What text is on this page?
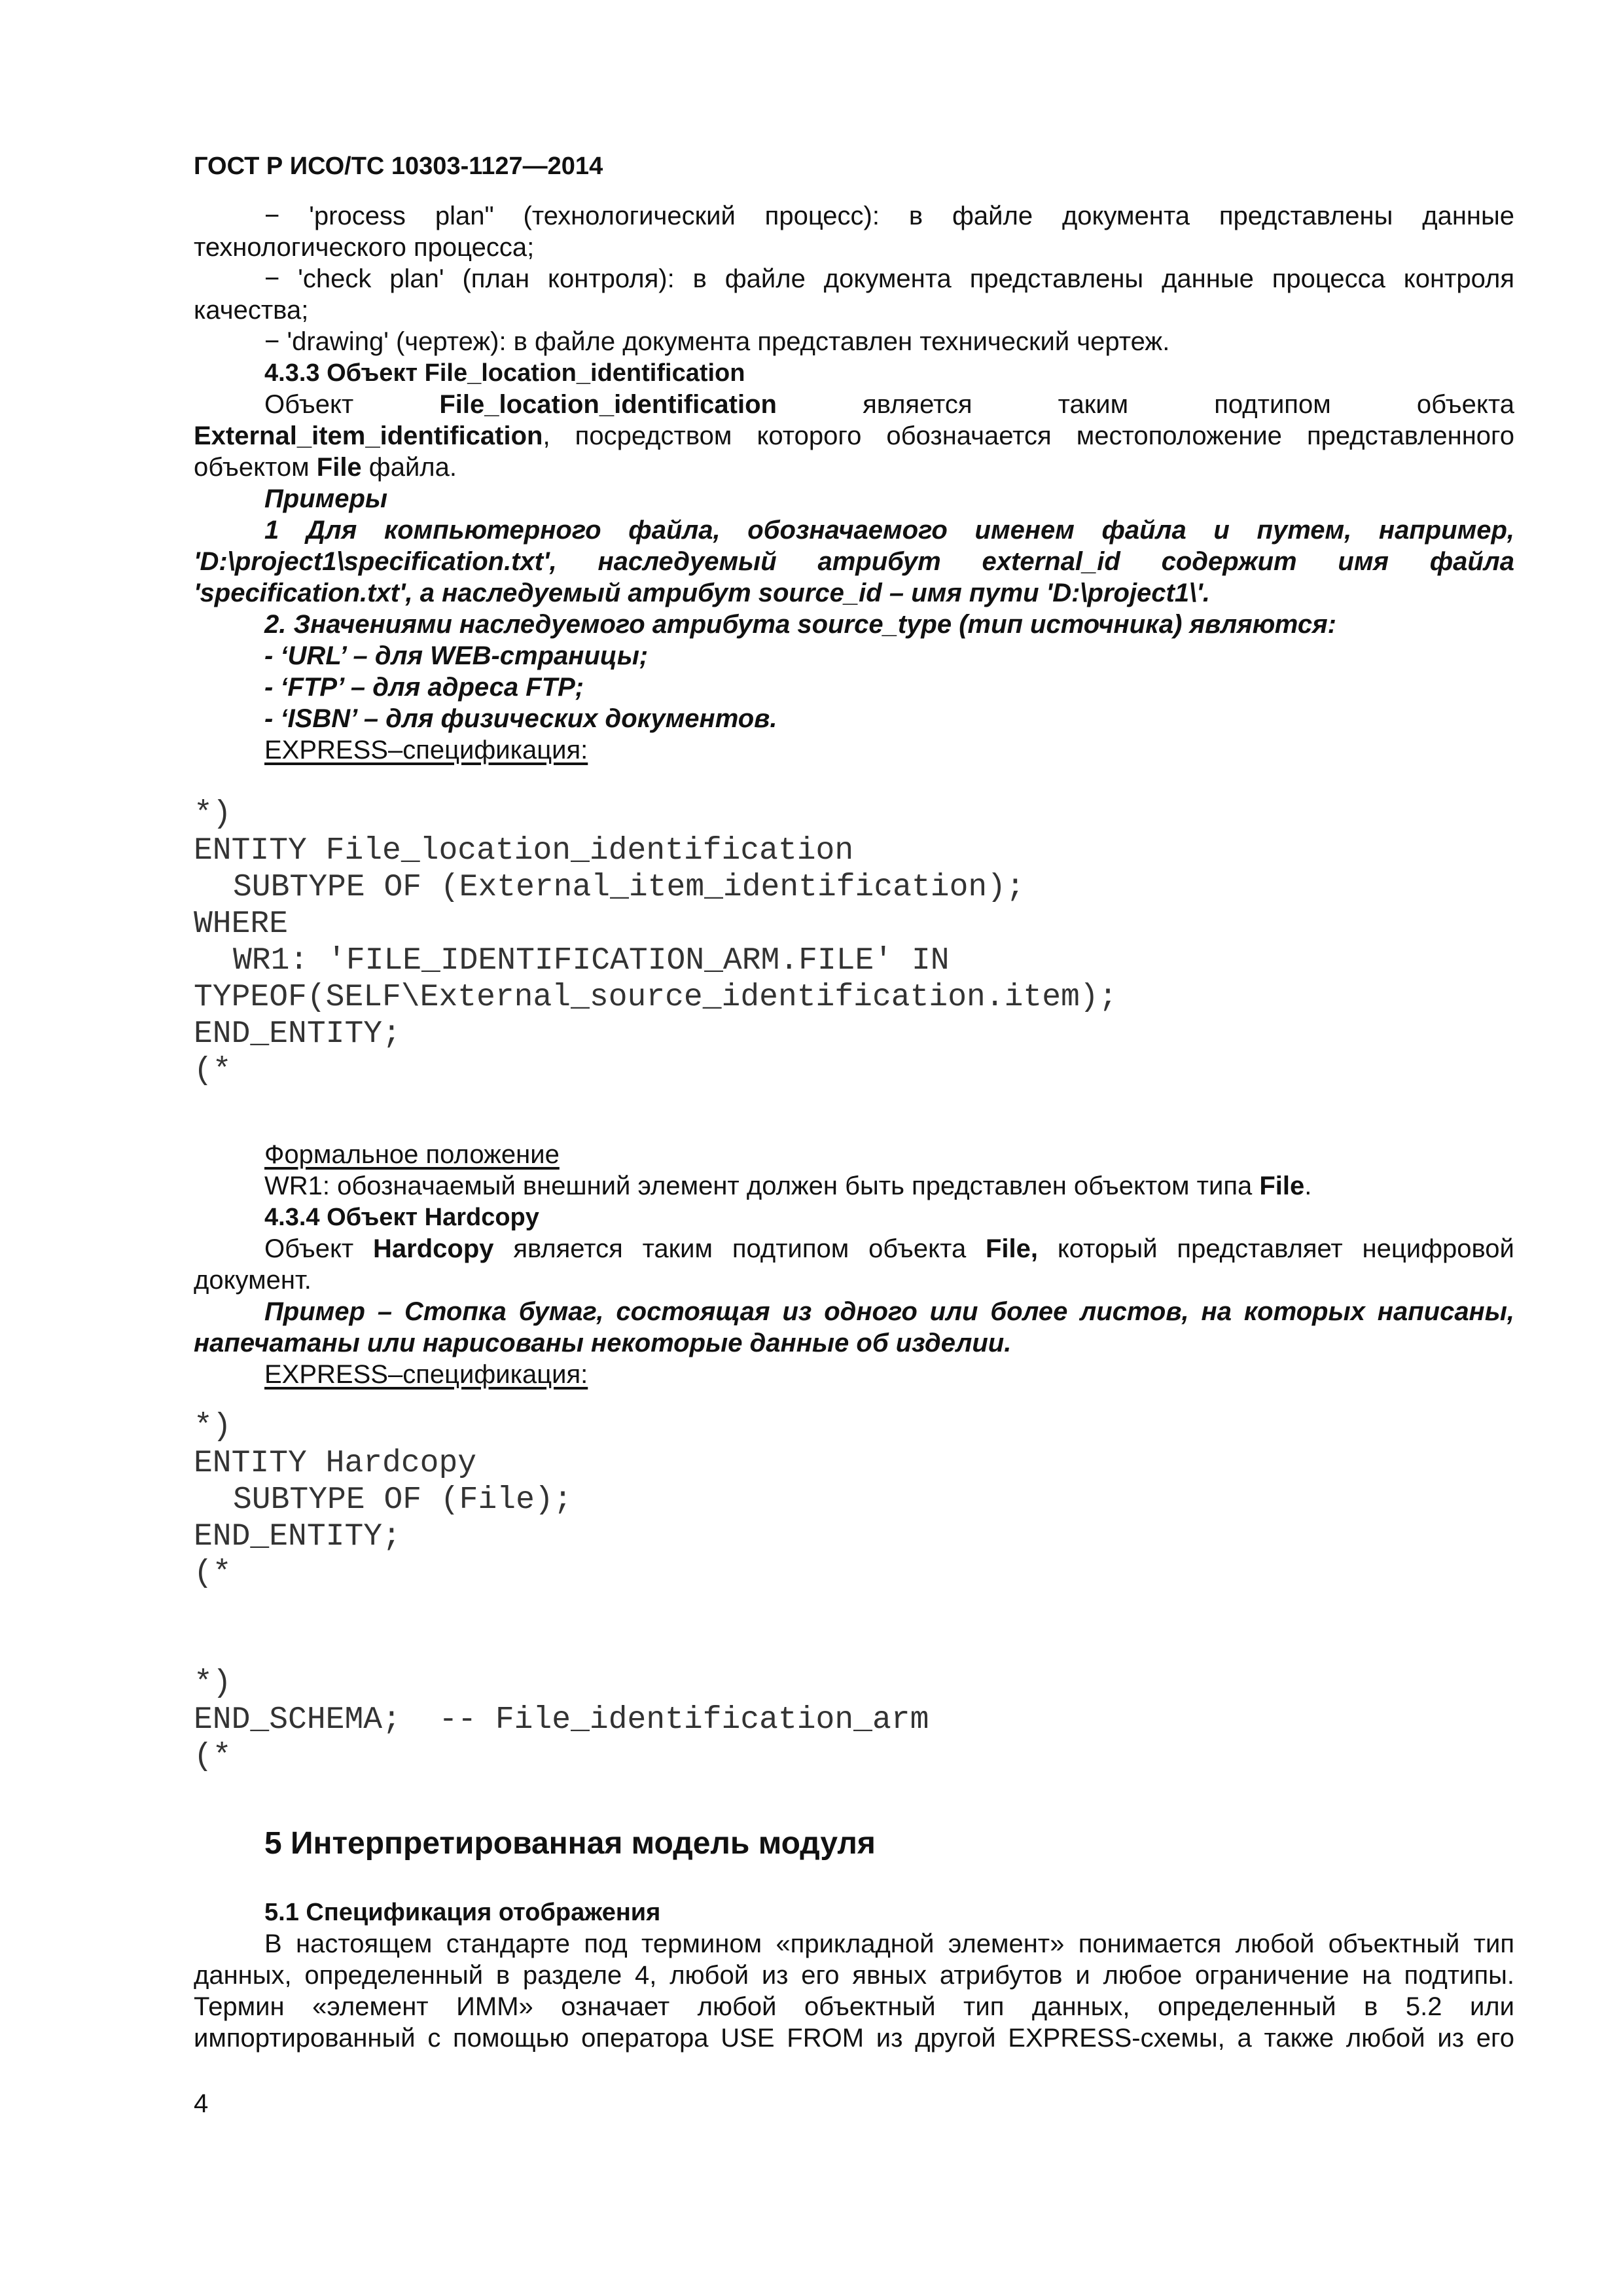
ГОСТ Р ИСО/ТС 10303-1127—2014
− 'process plan" (технологический процесс): в файле документа представлены данные
технологического процесса;
− 'check plan' (план контроля): в файле документа представлены данные процесса контроля
качества;
− 'drawing' (чертеж): в файле документа представлен технический чертеж.
4.3.3 Объект File_location_identification
Объект	File_location_identification	является	таким	подтипом	объекта
External_item_identification, посредством которого обозначается местоположение представленного
объектом File файла.
Примеры
1 Для компьютерного файла, обозначаемого именем файла и путем, например,
'D:\project1\specification.txt', наследуемый атрибут external_id содержит имя файла
'specification.txt', а наследуемый атрибут source_id – имя пути 'D:\project1\'.
2. Значениями наследуемого атрибута source_type (тип источника) являются:
- ‘URL’ – для WEB-страницы;
- ‘FTP’ – для адреса FTP;
- ‘ISBN’ – для физических документов.
EXPRESS–спецификация:
*)
ENTITY File_location_identification
SUBTYPE OF (External_item_identification);
WHERE
WR1: 'FILE_IDENTIFICATION_ARM.FILE' IN
TYPEOF(SELF\External_source_identification.item);
END_ENTITY;
(*
Формальное положение
WR1: обозначаемый внешний элемент должен быть представлен объектом типа File.
4.3.4 Объект Hardcopy
Объект Hardcopy является таким подтипом объекта File, который представляет нецифровой
документ.
Пример – Стопка бумаг, состоящая из одного или более листов, на которых написаны,
напечатаны или нарисованы некоторые данные об изделии.
EXPRESS–спецификация:
*)
ENTITY Hardcopy
SUBTYPE OF (File);
END_ENTITY;
(*
*)
END_SCHEMA;  -- File_identification_arm
(*
5 Интерпретированная модель модуля
5.1 Спецификация отображения
В настоящем стандарте под термином «прикладной элемент» понимается любой объектный тип
данных, определенный в разделе 4, любой из его явных атрибутов и любое ограничение на подтипы.
Термин «элемент ИММ» означает любой объектный тип данных, определенный в 5.2 или
импортированный с помощью оператора USE FROM из другой EXPRESS-схемы, а также любой из его
4
